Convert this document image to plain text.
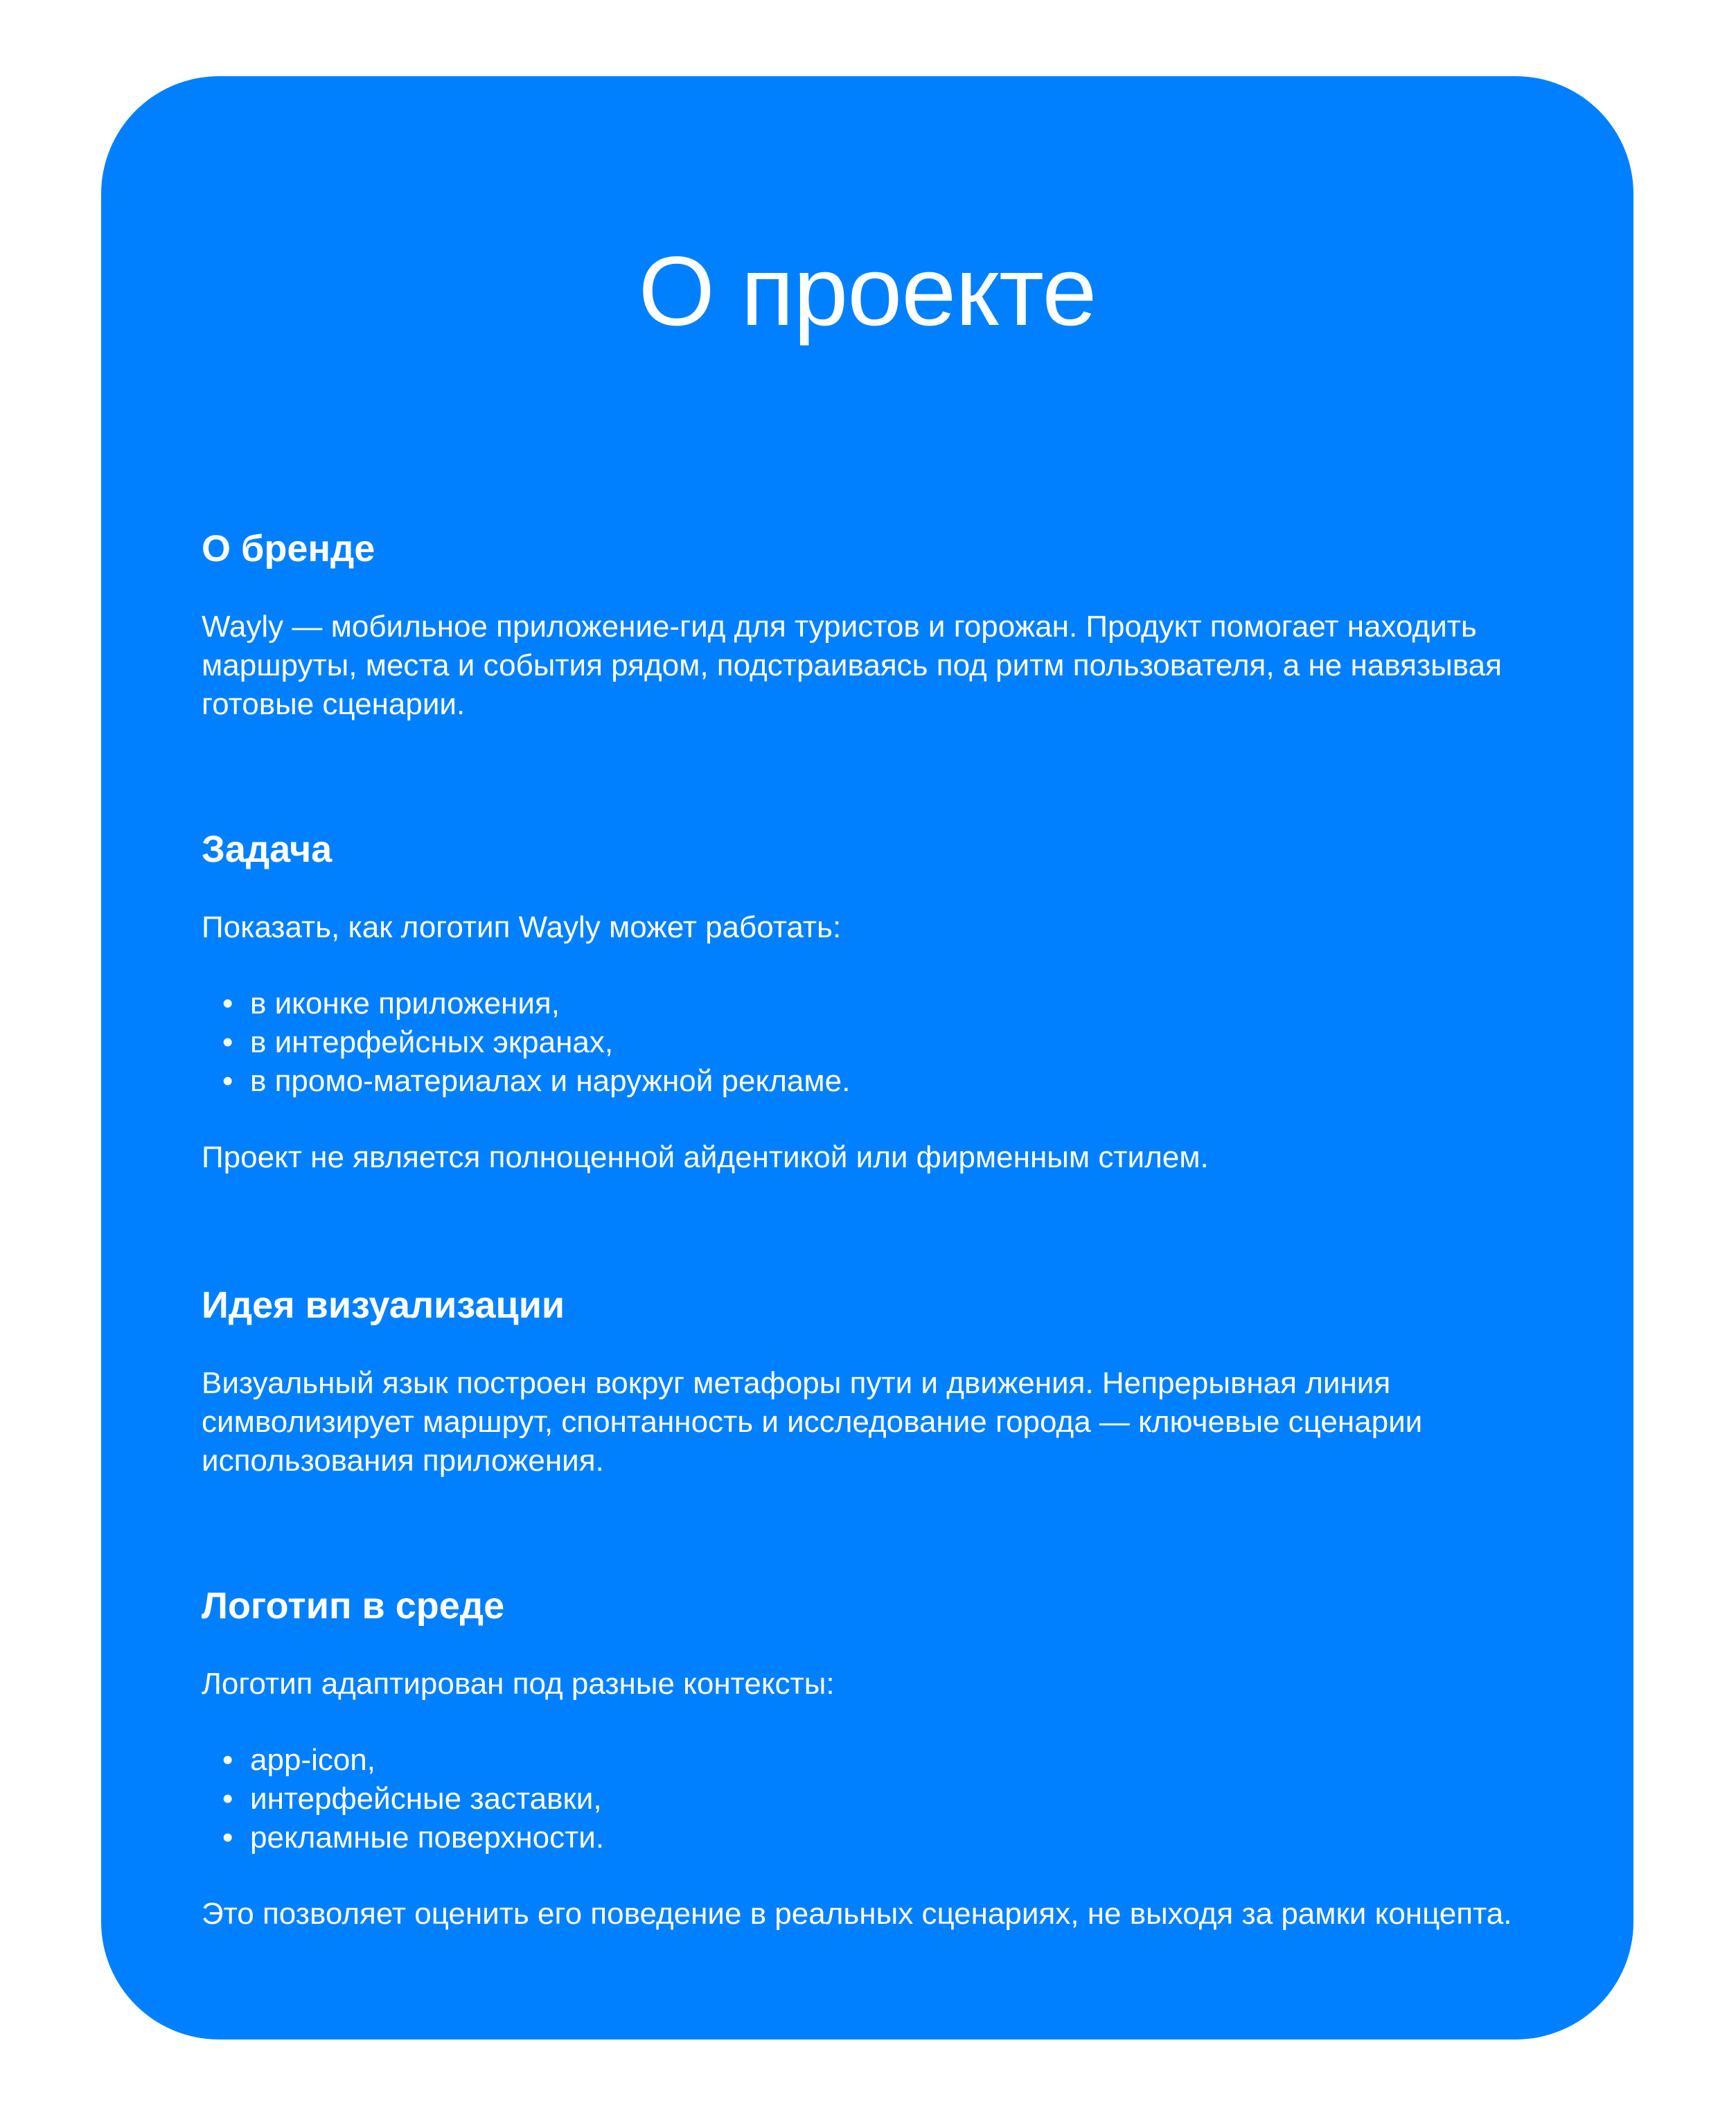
О проекте
О бренде

Wayly — мобильное приложение-гид для туристов и горожан. Продукт помогает находить маршруты, места и события рядом, подстраиваясь под ритм пользователя, а не навязывая готовые сценарии.

Задача

Показать, как логотип Wayly может работать:

• в иконке приложения,
• в интерфейсных экранах,
• в промо-материалах и наружной рекламе.

Проект не является полноценной айдентикой или фирменным стилем.

Идея визуализации

Визуальный язык построен вокруг метафоры пути и движения. Непрерывная линия символизирует маршрут, спонтанность и исследование города — ключевые сценарии использования приложения.

Логотип в среде

Логотип адаптирован под разные контексты:

• app-icon,
• интерфейсные заставки,
• рекламные поверхности.

Это позволяет оценить его поведение в реальных сценариях, не выходя за рамки концепта.
